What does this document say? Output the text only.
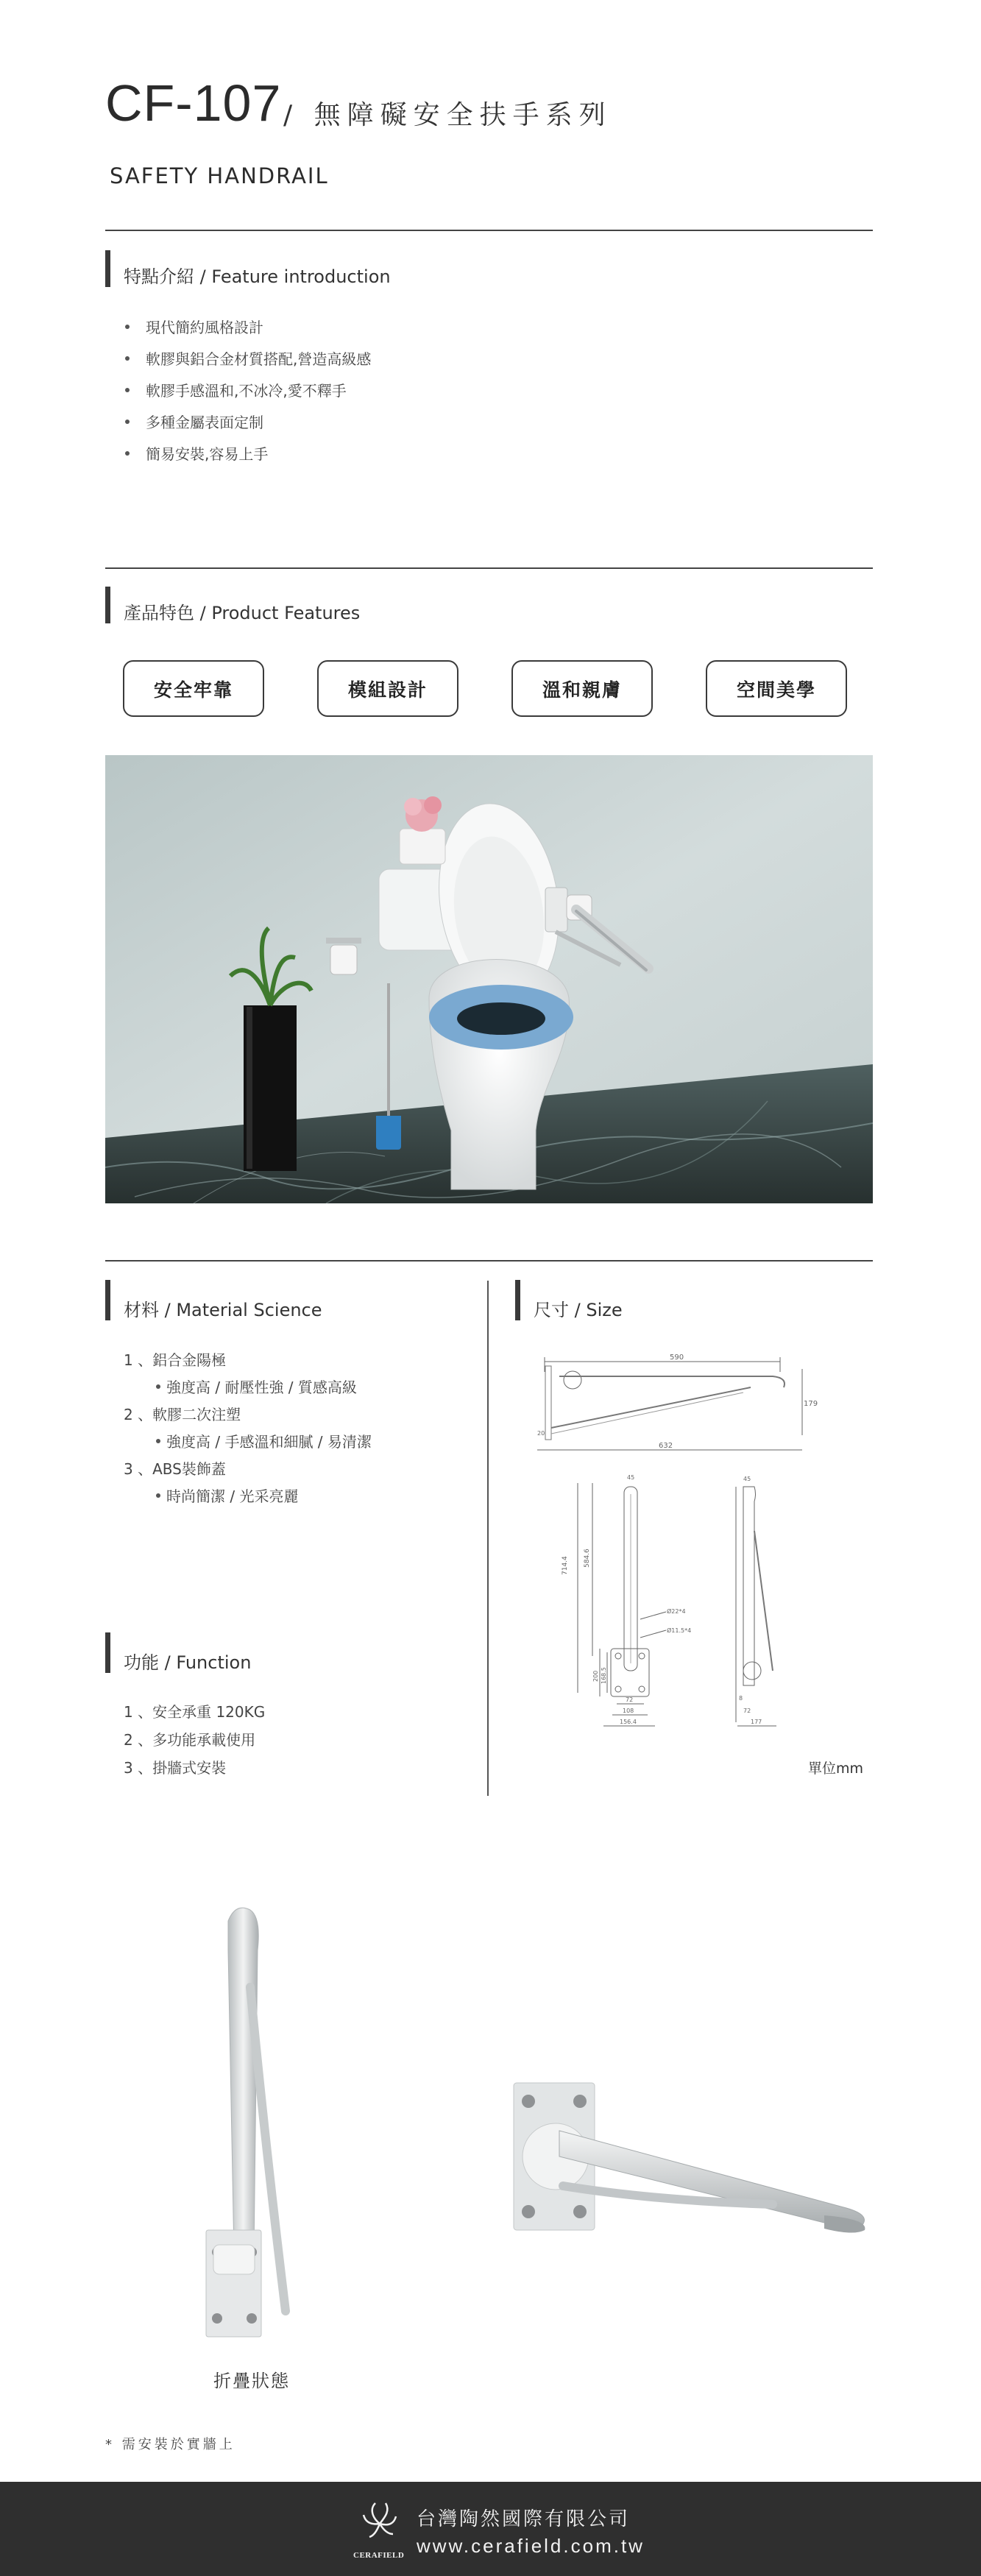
CF-107 / 無障礙安全扶手系列
SAFETY HANDRAIL
特點介紹 / Feature introduction
現代簡約風格設計
軟膠與鋁合金材質搭配,營造高級感
軟膠手感溫和,不冰冷,愛不釋手
多種金屬表面定制
簡易安裝,容易上手
產品特色 / Product Features
安全牢靠	模組設計	溫和親膚	空間美學
材料 / Material Science
1 、鋁合金陽極
強度高 / 耐壓性強 / 質感高級
2 、軟膠二次注塑
強度高 / 手感溫和細膩 / 易清潔
3 、ABS裝飾蓋
時尚簡潔 / 光采亮麗
功能 / Function
1 、安全承重 120KG
2 、多功能承載使用
3 、掛牆式安裝
尺寸 / Size
590
179
20
632
714.4 584.6
45
Ø22*4
Ø11.5*4
200 168.5
72
108
156.4
45
72
8
177
單位mm
折疊狀態
* 需安裝於實牆上
CERAFIELD
台灣陶然國際有限公司
www.cerafield.com.tw
